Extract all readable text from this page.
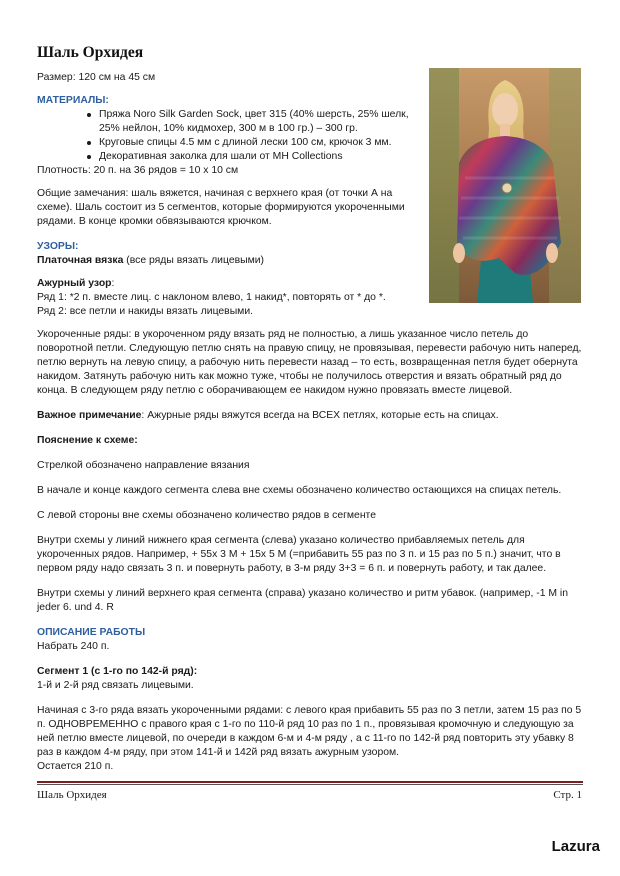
Шаль Орхидея

Размер: 120 см на 45 см

МАТЕРИАЛЫ:

Пряжа Noro Silk Garden Sock, цвет 315 (40% шерсть, 25% шелк, 25% нейлон, 10% кидмохер, 300 м в 100 гр.) – 300 гр.
Круговые спицы 4.5 мм с длиной лески 100 см, крючок 3 мм.
Декоративная заколка для шали от MH Collections

Плотность: 20 п. на 36 рядов = 10 х 10 см

Общие замечания: шаль вяжется, начиная с верхнего края (от точки А на схеме). Шаль состоит из 5 сегментов, которые формируются укороченными рядами. В конце кромки обвязываются крючком.

УЗОРЫ:

Платочная вязка (все ряды вязать лицевыми)

Ажурный узор:

Ряд 1: *2 п. вместе лиц. с наклоном влево, 1 накид*, повторять от * до *.

Ряд 2: все петли и накиды вязать лицевыми.

Укороченные ряды: в укороченном ряду вязать ряд не полностью, а лишь указанное число петель до поворотной петли. Следующую петлю снять на правую спицу, не провязывая, перевести рабочую нить наперед, петлю вернуть на левую спицу, а рабочую нить перевести назад – то есть, возвращенная петля будет обернута накидом. Затянуть рабочую нить как можно туже, чтобы не получилось отверстия и вязать обратный ряд до конца. В следующем ряду петлю с оборачивающем ее накидом нужно провязать вместе лицевой.

Важное примечание: Ажурные ряды вяжутся всегда на ВСЕХ петлях, которые есть на спицах.

Пояснение к схеме:

Стрелкой обозначено направление вязания

В начале и конце каждого сегмента слева вне схемы обозначено количество остающихся на спицах петель.

С левой стороны вне схемы обозначено количество рядов в сегменте

Внутри схемы у линий нижнего края сегмента (слева) указано количество прибавляемых петель для укороченных рядов. Например, + 55х 3 М + 15х 5 М (=прибавить 55 раз по 3 п. и 15 раз по 5 п.) значит, что в первом ряду надо связать 3 п. и повернуть работу, в 3-м ряду 3+3 = 6 п. и повернуть работу, и так далее.

Внутри схемы у линий верхнего края сегмента (справа) указано количество и ритм убавок. (например, -1 M in jeder 6. und 4. R

ОПИСАНИЕ РАБОТЫ

Набрать 240 п.

Сегмент 1 (с 1-го по 142-й ряд):

1-й и 2-й ряд связать лицевыми.

Начиная с 3-го ряда вязать укороченными рядами: с левого края прибавить 55 раз по 3 петли, затем 15 раз по 5 п. ОДНОВРЕМЕННО с правого края с 1-го по 110-й ряд 10 раз по 1 п., провязывая кромочную и следующую за ней петлю вместе лицевой, по очереди в каждом 6-м и 4-м ряду , а с 11-го по 142-й ряд повторить эту убавку 8 раз в каждом 4-м ряду, при этом 141-й и 142й ряд вязать ажурным узором.

Остается 210 п.

Шаль Орхидея	Стр. 1
Lazura
